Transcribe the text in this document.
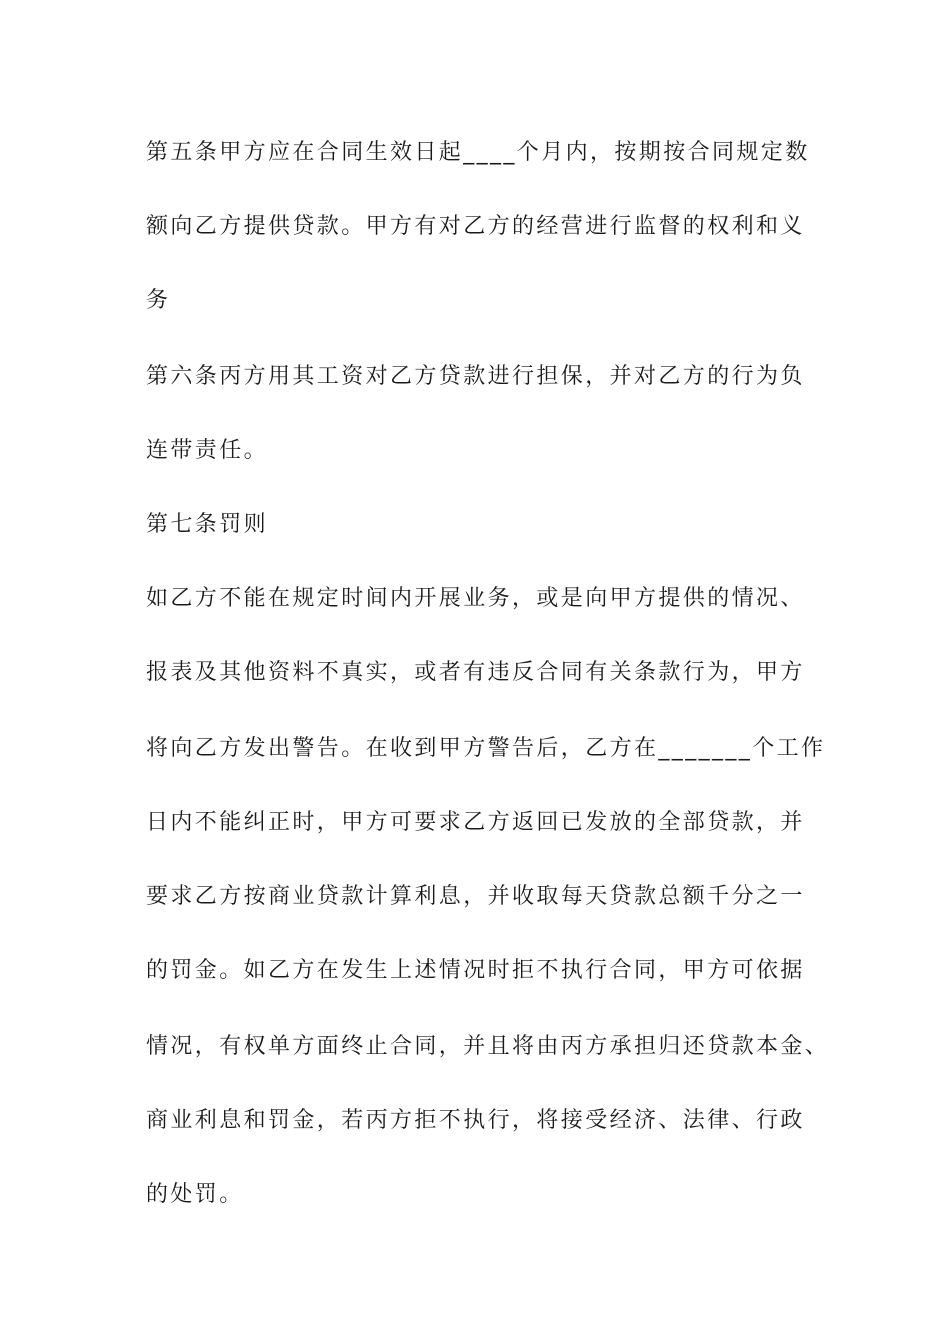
第五条甲方应在合同生效日起____个月内，按期按合同规定数
额向乙方提供贷款。甲方有对乙方的经营进行监督的权利和义
务
第六条丙方用其工资对乙方贷款进行担保，并对乙方的行为负
连带责任。
第七条罚则
如乙方不能在规定时间内开展业务，或是向甲方提供的情况、
报表及其他资料不真实，或者有违反合同有关条款行为，甲方
将向乙方发出警告。在收到甲方警告后，乙方在_______个工作
日内不能纠正时，甲方可要求乙方返回已发放的全部贷款，并
要求乙方按商业贷款计算利息，并收取每天贷款总额千分之一
的罚金。如乙方在发生上述情况时拒不执行合同，甲方可依据
情况，有权单方面终止合同，并且将由丙方承担归还贷款本金、
商业利息和罚金，若丙方拒不执行，将接受经济、法律、行政
的处罚。
